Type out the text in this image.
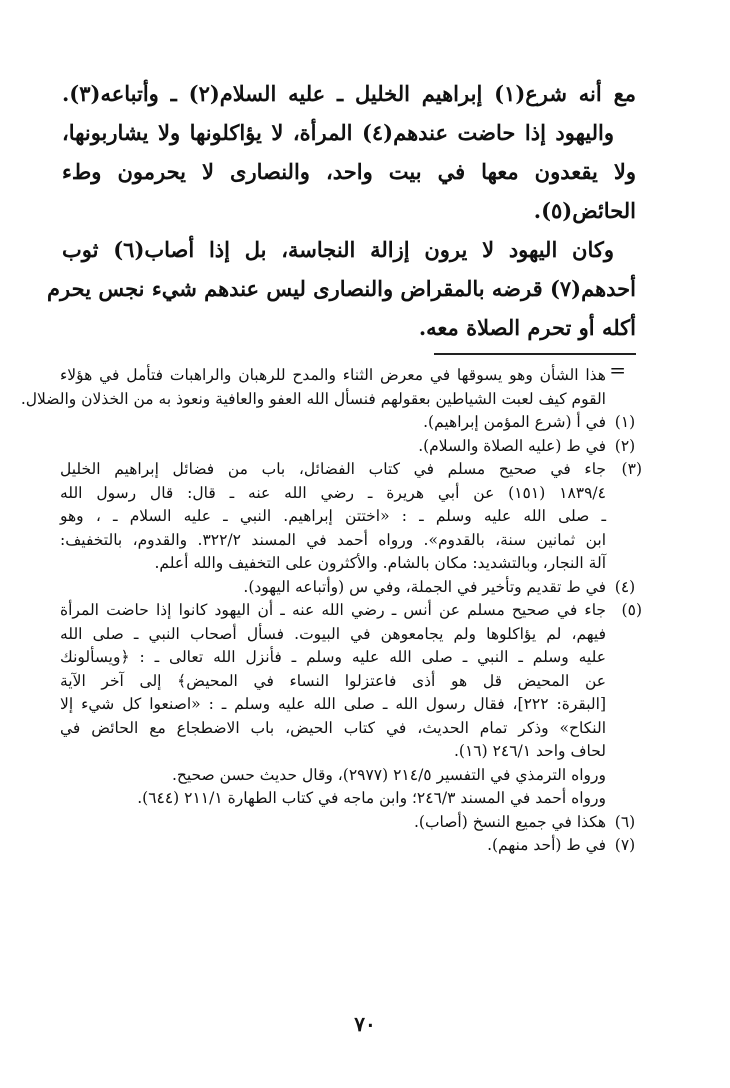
مع أنه شرع(١) إبراهيم الخليل ـ عليه السلام(٢) ـ وأتباعه(٣).

واليهود إذا حاضت عندهم(٤) المرأة، لا يؤاكلونها ولا يشاربونها،

ولا يقعدون معها في بيت واحد، والنصارى لا يحرمون وطء

الحائض(٥).

وكان اليهود لا يرون إزالة النجاسة، بل إذا أصاب(٦) ثوب

أحدهم(٧) قرضه بالمقراض والنصارى ليس عندهم شيء نجس يحرم

أكله أو تحرم الصلاة معه.

=

هذا الشأن وهو يسوقها في معرض الثناء والمدح للرهبان والراهبات فتأمل في هؤلاء

القوم كيف لعبت الشياطين بعقولهم فنسأل الله العفو والعافية ونعوذ به من الخذلان والضلال.

(١)
في أ (شرع المؤمن إبراهيم).

(٢)
في ط (عليه الصلاة والسلام).

(٣)
جاء في صحيح مسلم في كتاب الفضائل، باب من فضائل إبراهيم الخليل

١٨٣٩/٤ (١٥١) عن أبي هريرة ـ رضي الله عنه ـ قال: قال رسول الله

ـ صلى الله عليه وسلم ـ : «اختتن إبراهيم. النبي ـ عليه السلام ـ ، وهو

ابن ثمانين سنة، بالقدوم». ورواه أحمد في المسند ٣٢٢/٢. والقدوم، بالتخفيف:

آلة النجار، وبالتشديد: مكان بالشام. والأكثرون على التخفيف والله أعلم.

(٤)
في ط تقديم وتأخير في الجملة، وفي س (وأتباعه اليهود).

(٥)
جاء في صحيح مسلم عن أنس ـ رضي الله عنه ـ أن اليهود كانوا إذا حاضت المرأة

فيهم، لم يؤاكلوها ولم يجامعوهن في البيوت. فسأل أصحاب النبي ـ صلى الله

عليه وسلم ـ النبي ـ صلى الله عليه وسلم ـ فأنزل الله تعالى ـ : ﴿ويسألونك

عن المحيض قل هو أذى فاعتزلوا النساء في المحيض﴾ إلى آخر الآية

[البقرة: ٢٢٢]، فقال رسول الله ـ صلى الله عليه وسلم ـ : «اصنعوا كل شيء إلا

النكاح» وذكر تمام الحديث، في كتاب الحيض، باب الاضطجاع مع الحائض في

لحاف واحد ٢٤٦/١ (١٦).

ورواه الترمذي في التفسير ٢١٤/٥ (٢٩٧٧)، وقال حديث حسن صحيح.

ورواه أحمد في المسند ٢٤٦/٣؛ وابن ماجه في كتاب الطهارة ٢١١/١ (٦٤٤).

(٦)
هكذا في جميع النسخ (أصاب).

(٧)
في ط (أحد منهم).

٧٠
